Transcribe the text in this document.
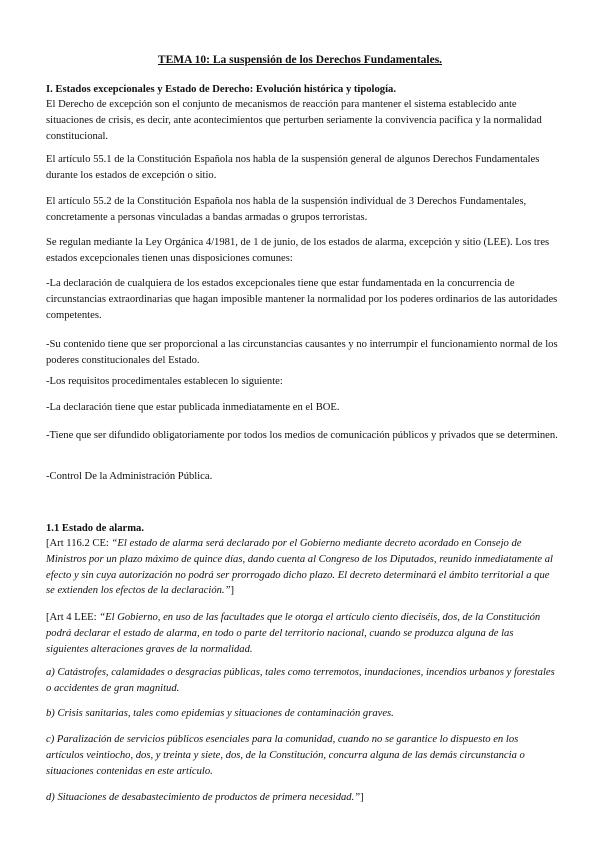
TEMA 10: La suspensión de los Derechos Fundamentales.
I. Estados excepcionales y Estado de Derecho: Evolución histórica y tipología.
El Derecho de excepción son el conjunto de mecanismos de reacción para mantener el sistema establecido ante situaciones de crisis, es decir, ante acontecimientos que perturben seriamente la convivencia pacífica y la normalidad constitucional.
El artículo 55.1 de la Constitución Española nos habla de la suspensión general de algunos Derechos Fundamentales durante los estados de excepción o sitio.
El artículo 55.2 de la Constitución Española nos habla de la suspensión individual de 3 Derechos Fundamentales, concretamente a personas vinculadas a bandas armadas o grupos terroristas.
Se regulan mediante la Ley Orgánica 4/1981, de 1 de junio, de los estados de alarma, excepción y sitio (LEE). Los tres estados excepcionales tienen unas disposiciones comunes:
-La declaración de cualquiera de los estados excepcionales tiene que estar fundamentada en la concurrencia de circunstancias extraordinarias que hagan imposible mantener la normalidad por los poderes ordinarios de las autoridades competentes.
-Su contenido tiene que ser proporcional a las circunstancias causantes y no interrumpir el funcionamiento normal de los poderes constitucionales del Estado.
-Los requisitos procedimentales establecen lo siguiente:
-La declaración tiene que estar publicada inmediatamente en el BOE.
-Tiene que ser difundido obligatoriamente por todos los medios de comunicación públicos y privados que se determinen.
-Control De la Administración Pública.
1.1 Estado de alarma.
[Art 116.2 CE: “El estado de alarma será declarado por el Gobierno mediante decreto acordado en Consejo de Ministros por un plazo máximo de quince días, dando cuenta al Congreso de los Diputados, reunido inmediatamente al efecto y sin cuya autorización no podrá ser prorrogado dicho plazo. El decreto determinará el ámbito territorial a que se extienden los efectos de la declaración.”]
[Art 4 LEE: “El Gobierno, en uso de las facultades que le otorga el artículo ciento dieciséis, dos, de la Constitución podrá declarar el estado de alarma, en todo o parte del territorio nacional, cuando se produzca alguna de las siguientes alteraciones graves de la normalidad.
a) Catástrofes, calamidades o desgracias públicas, tales como terremotos, inundaciones, incendios urbanos y forestales o accidentes de gran magnitud.
b) Crisis sanitarias, tales como epidemias y situaciones de contaminación graves.
c) Paralización de servicios públicos esenciales para la comunidad, cuando no se garantice lo dispuesto en los artículos veintiocho, dos, y treinta y siete, dos, de la Constitución, concurra alguna de las demás circunstancia o situaciones contenidas en este artículo.
d) Situaciones de desabastecimiento de productos de primera necesidad.”]
